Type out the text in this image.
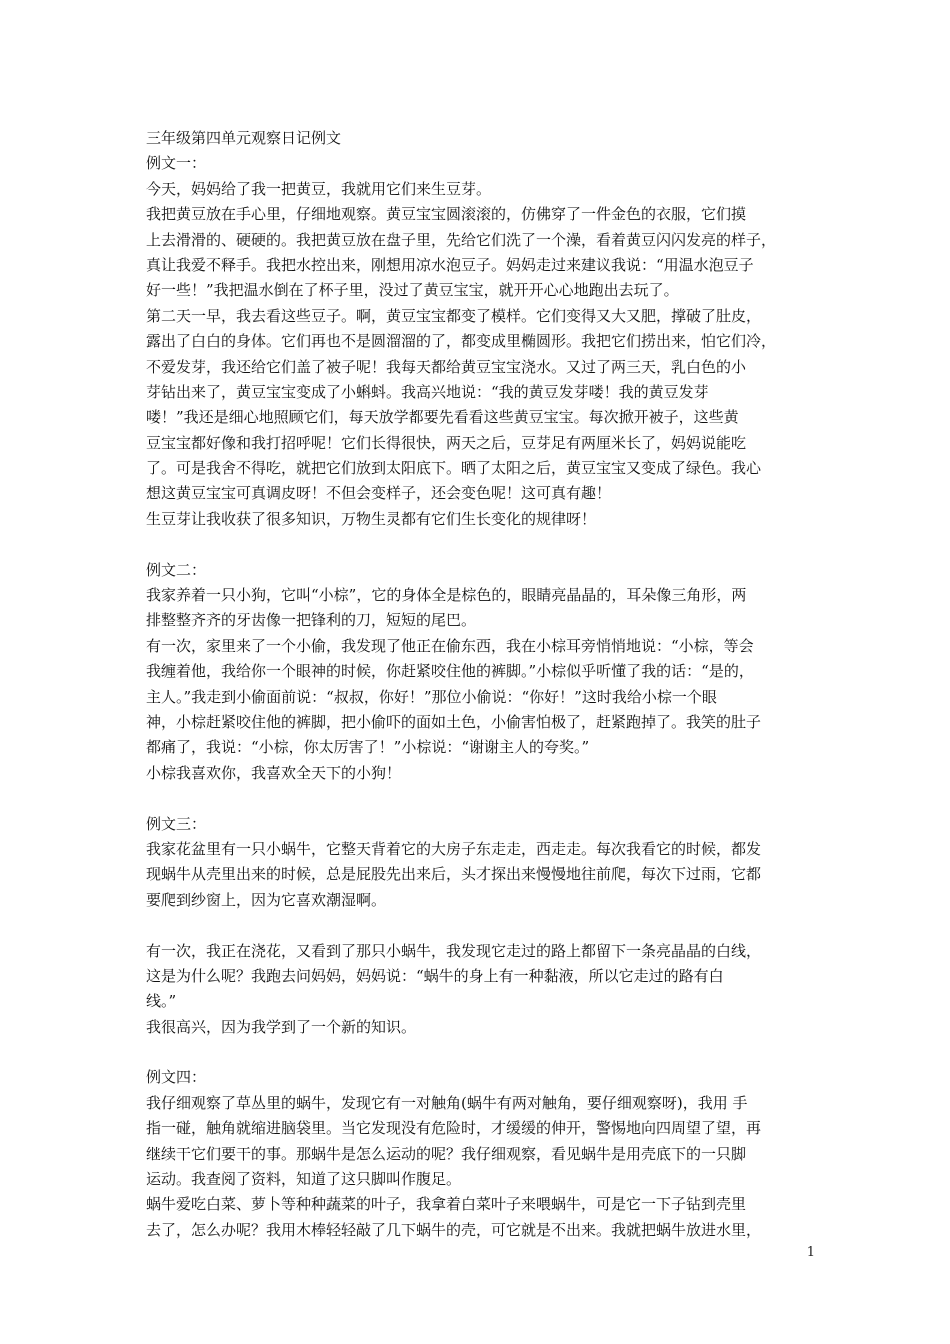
三年级第四单元观察日记例文
例文一：
今天，妈妈给了我一把黄豆，我就用它们来生豆芽。
我把黄豆放在手心里，仔细地观察。黄豆宝宝圆滚滚的，仿佛穿了一件金色的衣服，它们摸
上去滑滑的、硬硬的。我把黄豆放在盘子里，先给它们洗了一个澡，看着黄豆闪闪发亮的样子，
真让我爱不释手。我把水控出来，刚想用凉水泡豆子。妈妈走过来建议我说：“用温水泡豆子
好一些！”我把温水倒在了杯子里，没过了黄豆宝宝，就开开心心地跑出去玩了。
第二天一早，我去看这些豆子。啊，黄豆宝宝都变了模样。它们变得又大又肥，撑破了肚皮，
露出了白白的身体。它们再也不是圆溜溜的了，都变成里椭圆形。我把它们捞出来，怕它们冷，
不爱发芽，我还给它们盖了被子呢！我每天都给黄豆宝宝浇水。又过了两三天，乳白色的小
芽钻出来了，黄豆宝宝变成了小蝌蚪。我高兴地说：“我的黄豆发芽喽！我的黄豆发芽
喽！”我还是细心地照顾它们，每天放学都要先看看这些黄豆宝宝。每次掀开被子，这些黄
豆宝宝都好像和我打招呼呢！它们长得很快，两天之后，豆芽足有两厘米长了，妈妈说能吃
了。可是我舍不得吃，就把它们放到太阳底下。晒了太阳之后，黄豆宝宝又变成了绿色。我心
想这黄豆宝宝可真调皮呀！不但会变样子，还会变色呢！这可真有趣！
生豆芽让我收获了很多知识，万物生灵都有它们生长变化的规律呀！
例文二：
我家养着一只小狗，它叫“小棕”，它的身体全是棕色的，眼睛亮晶晶的，耳朵像三角形，两
排整整齐齐的牙齿像一把锋利的刀，短短的尾巴。
有一次，家里来了一个小偷，我发现了他正在偷东西，我在小棕耳旁悄悄地说：“小棕，等会
我缠着他，我给你一个眼神的时候，你赶紧咬住他的裤脚。”小棕似乎听懂了我的话：“是的，
主人。”我走到小偷面前说：“叔叔，你好！”那位小偷说：“你好！”这时我给小棕一个眼
神，小棕赶紧咬住他的裤脚，把小偷吓的面如土色，小偷害怕极了，赶紧跑掉了。我笑的肚子
都痛了，我说：“小棕，你太厉害了！”小棕说：“谢谢主人的夸奖。”
小棕我喜欢你，我喜欢全天下的小狗！
例文三：
我家花盆里有一只小蜗牛，它整天背着它的大房子东走走，西走走。每次我看它的时候，都发
现蜗牛从壳里出来的时候，总是屁股先出来后，头才探出来慢慢地往前爬，每次下过雨，它都
要爬到纱窗上，因为它喜欢潮湿啊。
有一次，我正在浇花，又看到了那只小蜗牛，我发现它走过的路上都留下一条亮晶晶的白线，
这是为什么呢？我跑去问妈妈，妈妈说：“蜗牛的身上有一种黏液，所以它走过的路有白
线。”
我很高兴，因为我学到了一个新的知识。
例文四：
我仔细观察了草丛里的蜗牛，发现它有一对触角(蜗牛有两对触角，要仔细观察呀)，我用 手
指一碰，触角就缩进脑袋里。当它发现没有危险时，才缓缓的伸开，警惕地向四周望了望，再
继续干它们要干的事。那蜗牛是怎么运动的呢？我仔细观察，看见蜗牛是用壳底下的一只脚
运动。我查阅了资料，知道了这只脚叫作腹足。
蜗牛爱吃白菜、萝卜等种种蔬菜的叶子，我拿着白菜叶子来喂蜗牛，可是它一下子钻到壳里
去了，怎么办呢？我用木棒轻轻敲了几下蜗牛的壳，可它就是不出来。我就把蜗牛放进水里，
1
